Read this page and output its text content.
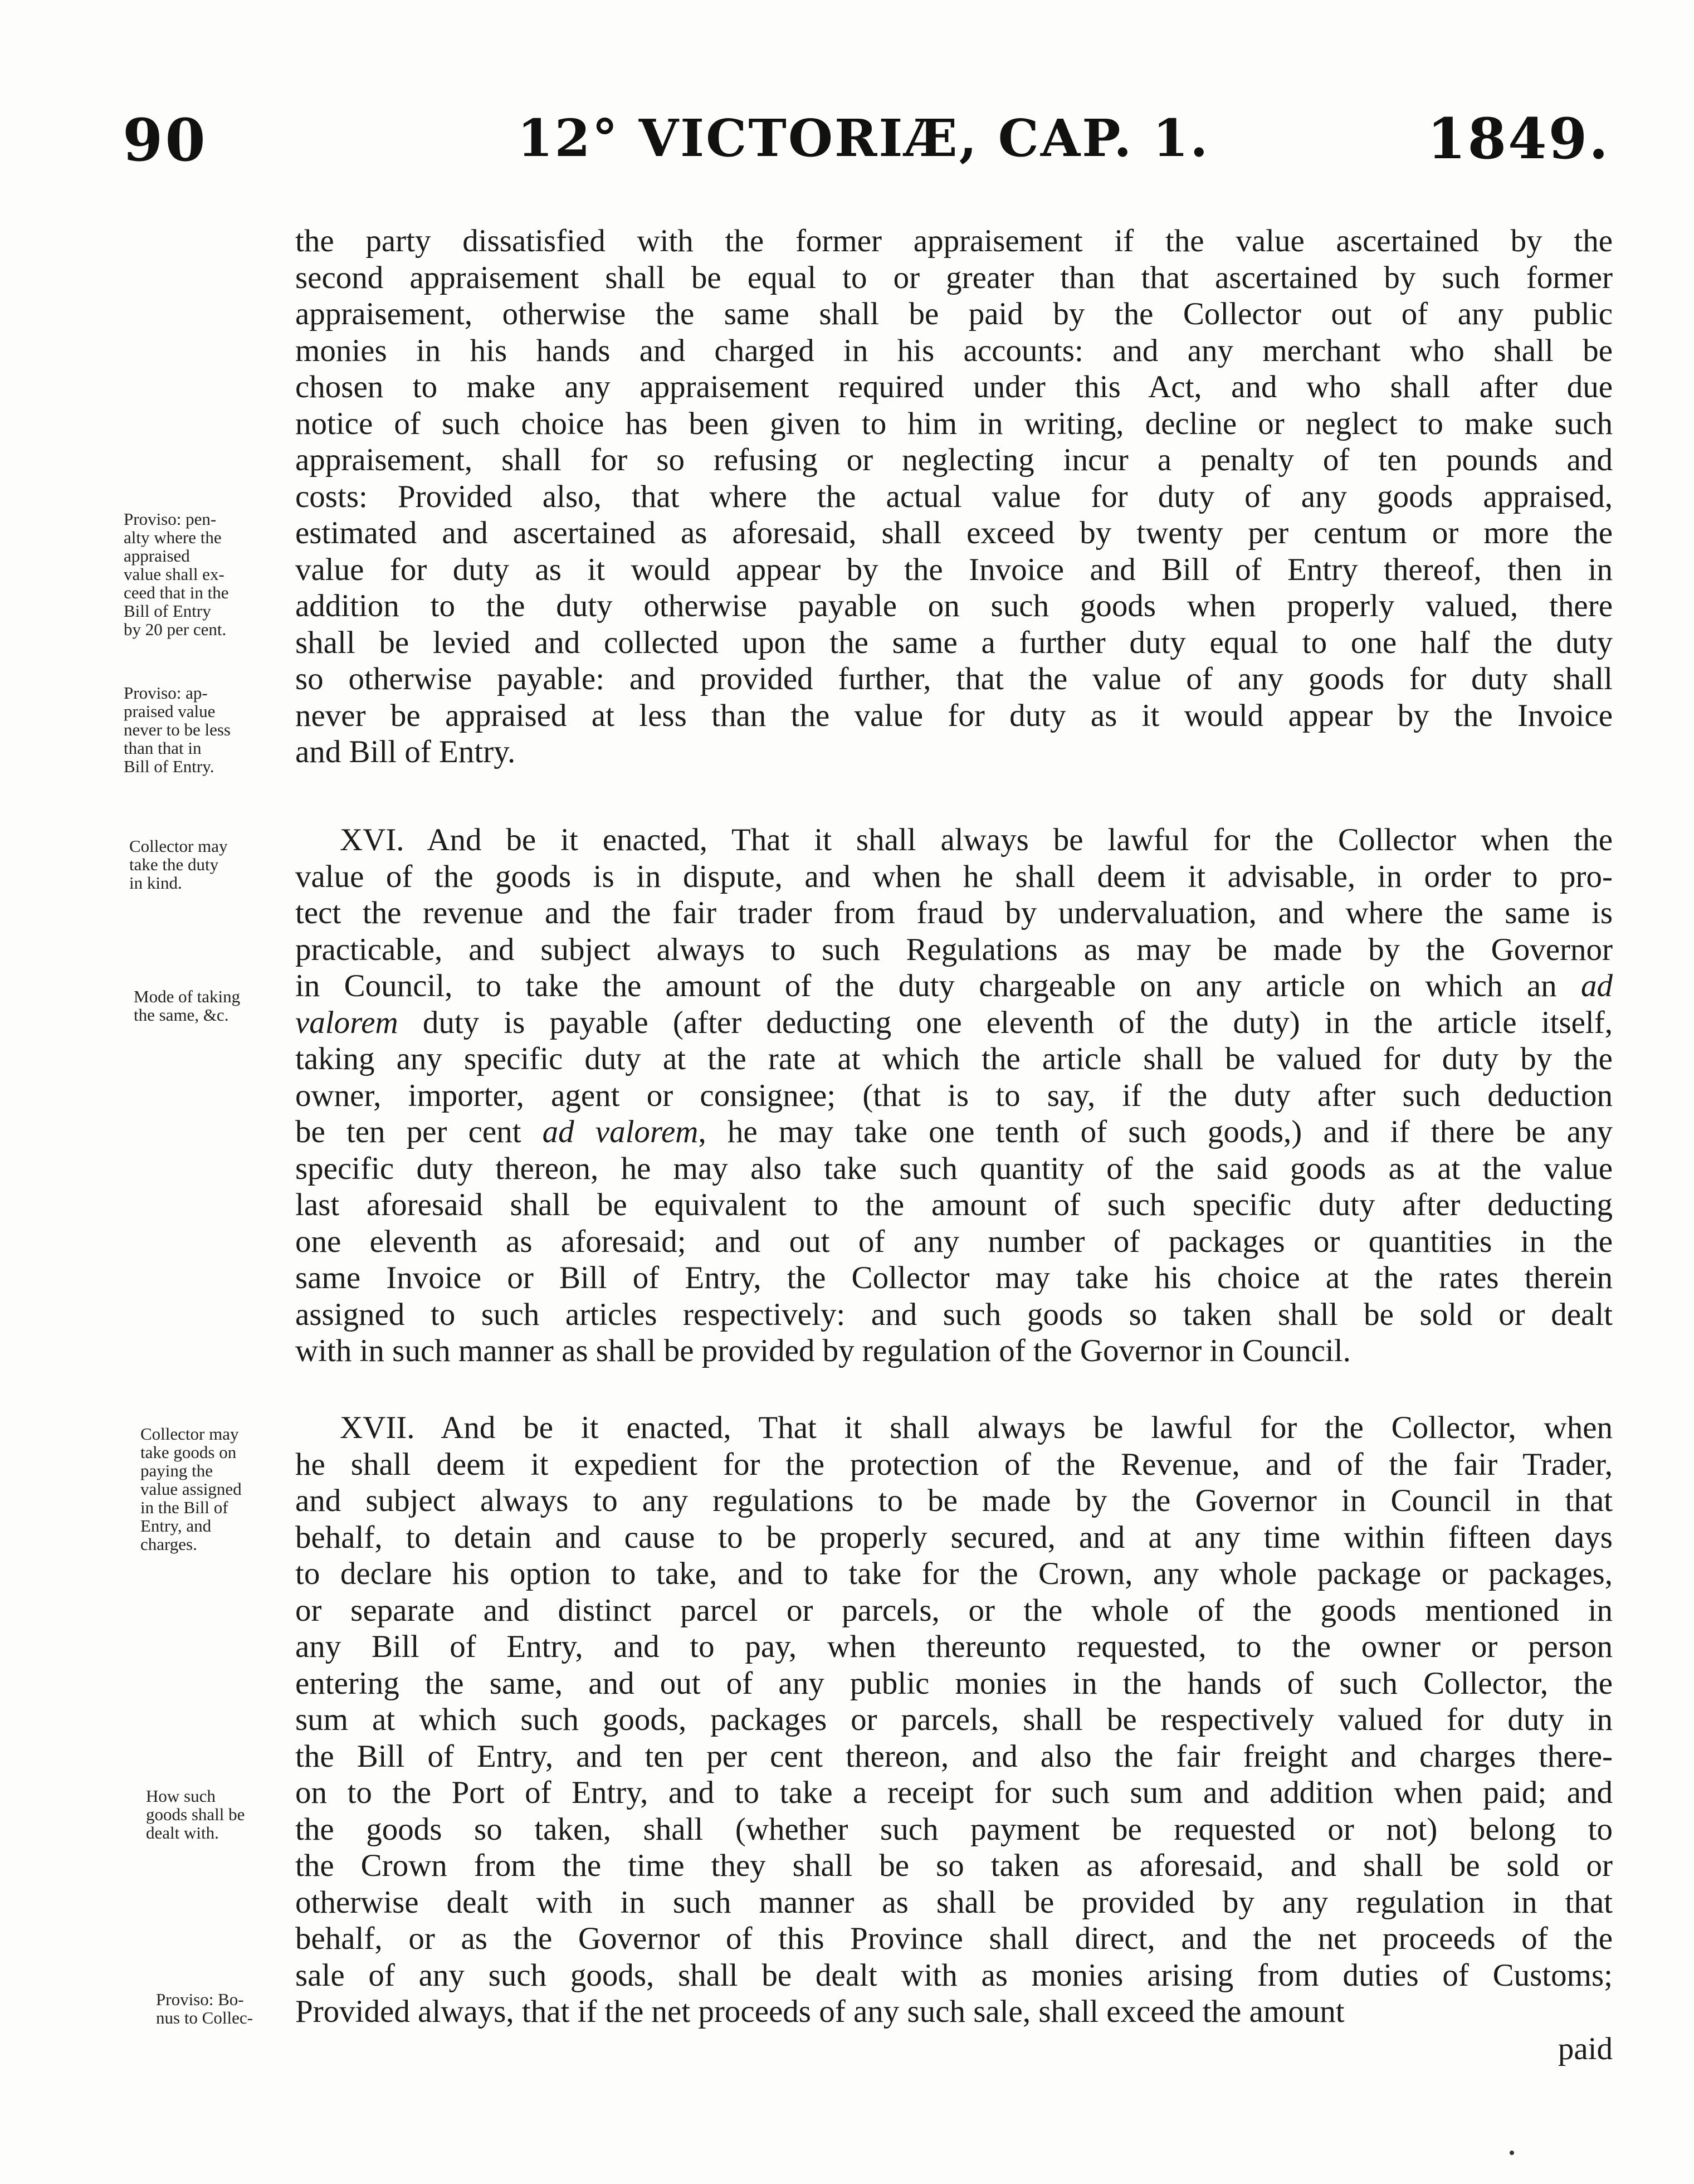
90	12° VICTORIÆ, CAP. 1.	1849.
the party dissatisfied with the former appraisement if the value ascertained by the
second appraisement shall be equal to or greater than that ascertained by such former
appraisement, otherwise the same shall be paid by the Collector out of any public
monies in his hands and charged in his accounts: and any merchant who shall be
chosen to make any appraisement required under this Act, and who shall after due
notice of such choice has been given to him in writing, decline or neglect to make such
appraisement, shall for so refusing or neglecting incur a penalty of ten pounds and
costs: Provided also, that where the actual value for duty of any goods appraised,
estimated and ascertained as aforesaid, shall exceed by twenty per centum or more the
value for duty as it would appear by the Invoice and Bill of Entry thereof, then in
addition to the duty otherwise payable on such goods when properly valued, there
shall be levied and collected upon the same a further duty equal to one half the duty
so otherwise payable: and provided further, that the value of any goods for duty shall
never be appraised at less than the value for duty as it would appear by the Invoice
and Bill of Entry.
XVI. And be it enacted, That it shall always be lawful for the Collector when the
value of the goods is in dispute, and when he shall deem it advisable, in order to pro-
tect the revenue and the fair trader from fraud by undervaluation, and where the same is
practicable, and subject always to such Regulations as may be made by the Governor
in Council, to take the amount of the duty chargeable on any article on which an ad
valorem duty is payable (after deducting one eleventh of the duty) in the article itself,
taking any specific duty at the rate at which the article shall be valued for duty by the
owner, importer, agent or consignee; (that is to say, if the duty after such deduction
be ten per cent ad valorem, he may take one tenth of such goods,) and if there be any
specific duty thereon, he may also take such quantity of the said goods as at the value
last aforesaid shall be equivalent to the amount of such specific duty after deducting
one eleventh as aforesaid; and out of any number of packages or quantities in the
same Invoice or Bill of Entry, the Collector may take his choice at the rates therein
assigned to such articles respectively: and such goods so taken shall be sold or dealt
with in such manner as shall be provided by regulation of the Governor in Council.
XVII. And be it enacted, That it shall always be lawful for the Collector, when
he shall deem it expedient for the protection of the Revenue, and of the fair Trader,
and subject always to any regulations to be made by the Governor in Council in that
behalf, to detain and cause to be properly secured, and at any time within fifteen days
to declare his option to take, and to take for the Crown, any whole package or packages,
or separate and distinct parcel or parcels, or the whole of the goods mentioned in
any Bill of Entry, and to pay, when thereunto requested, to the owner or person
entering the same, and out of any public monies in the hands of such Collector, the
sum at which such goods, packages or parcels, shall be respectively valued for duty in
the Bill of Entry, and ten per cent thereon, and also the fair freight and charges there-
on to the Port of Entry, and to take a receipt for such sum and addition when paid; and
the goods so taken, shall (whether such payment be requested or not) belong to
the Crown from the time they shall be so taken as aforesaid, and shall be sold or
otherwise dealt with in such manner as shall be provided by any regulation in that
behalf, or as the Governor of this Province shall direct, and the net proceeds of the
sale of any such goods, shall be dealt with as monies arising from duties of Customs;
Provided always, that if the net proceeds of any such sale, shall exceed the amount
paid
Proviso: pen-
alty where the
appraised
value shall ex-
ceed that in the
Bill of Entry
by 20 per cent.
Proviso: ap-
praised value
never to be less
than that in
Bill of Entry.
Collector may
take the duty
in kind.
Mode of taking
the same, &c.
Collector may
take goods on
paying the
value assigned
in the Bill of
Entry, and
charges.
How such
goods shall be
dealt with.
Proviso: Bo-
nus to Collec-
